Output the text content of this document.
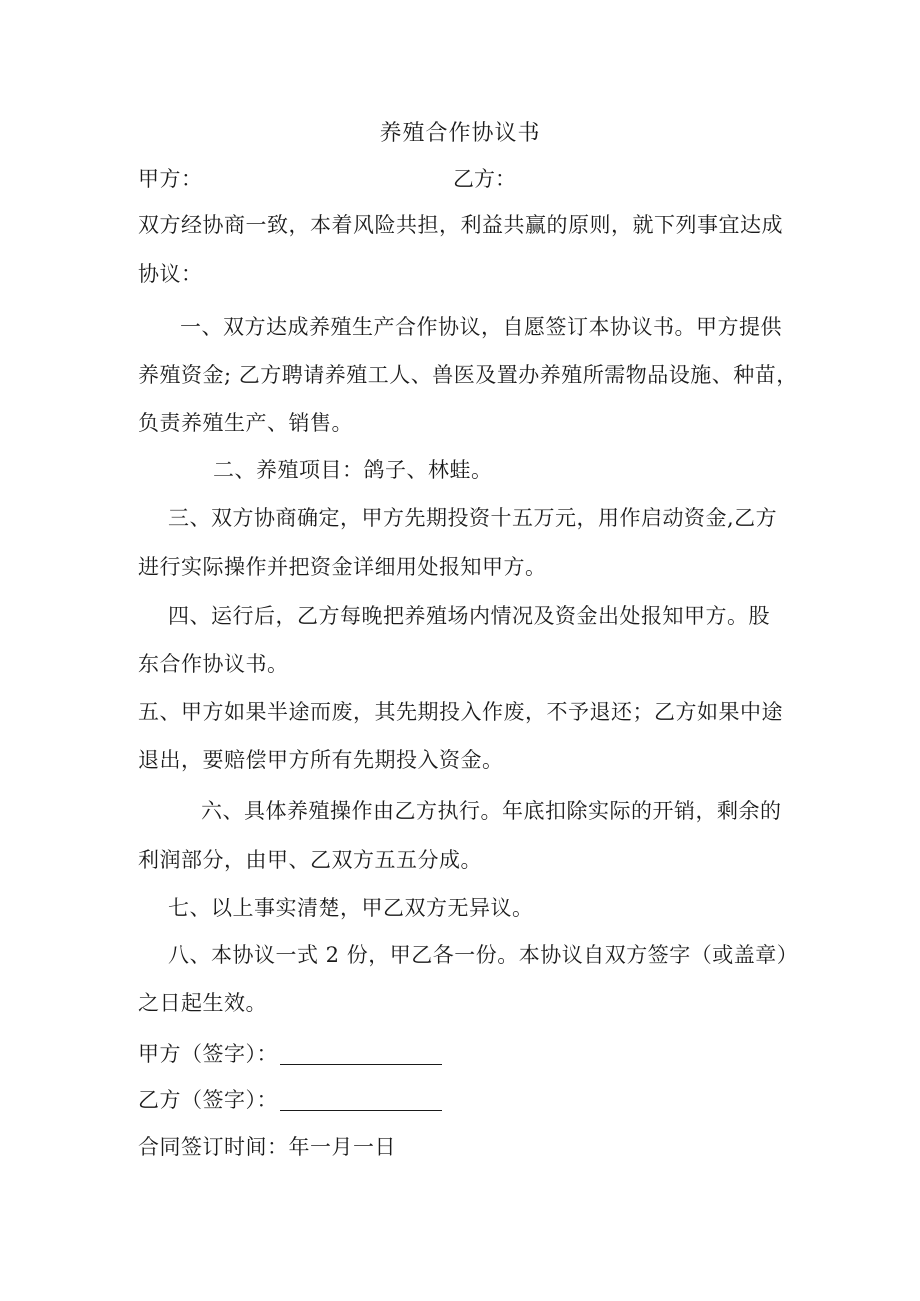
养殖合作协议书
甲方：	乙方：
双方经协商一致，本着风险共担，利益共赢的原则，就下列事宜达成
协议：
一、双方达成养殖生产合作协议，自愿签订本协议书。甲方提供
养殖资金; 乙方聘请养殖工人、兽医及置办养殖所需物品设施、种苗，
负责养殖生产、销售。
二、养殖项目：鸽子、林蛙。
三、双方协商确定，甲方先期投资十五万元，用作启动资金,乙方
进行实际操作并把资金详细用处报知甲方。
四、运行后，乙方每晚把养殖场内情况及资金出处报知甲方。股
东合作协议书。
五、甲方如果半途而废，其先期投入作废，不予退还；乙方如果中途
退出，要赔偿甲方所有先期投入资金。
六、具体养殖操作由乙方执行。年底扣除实际的开销，剩余的
利润部分，由甲、乙双方五五分成。
七、以上事实清楚，甲乙双方无异议。
八、本协议一式 2 份，甲乙各一份。本协议自双方签字（或盖章）
之日起生效。
甲方（签字）：
乙方（签字）：
合同签订时间：年一月一日
